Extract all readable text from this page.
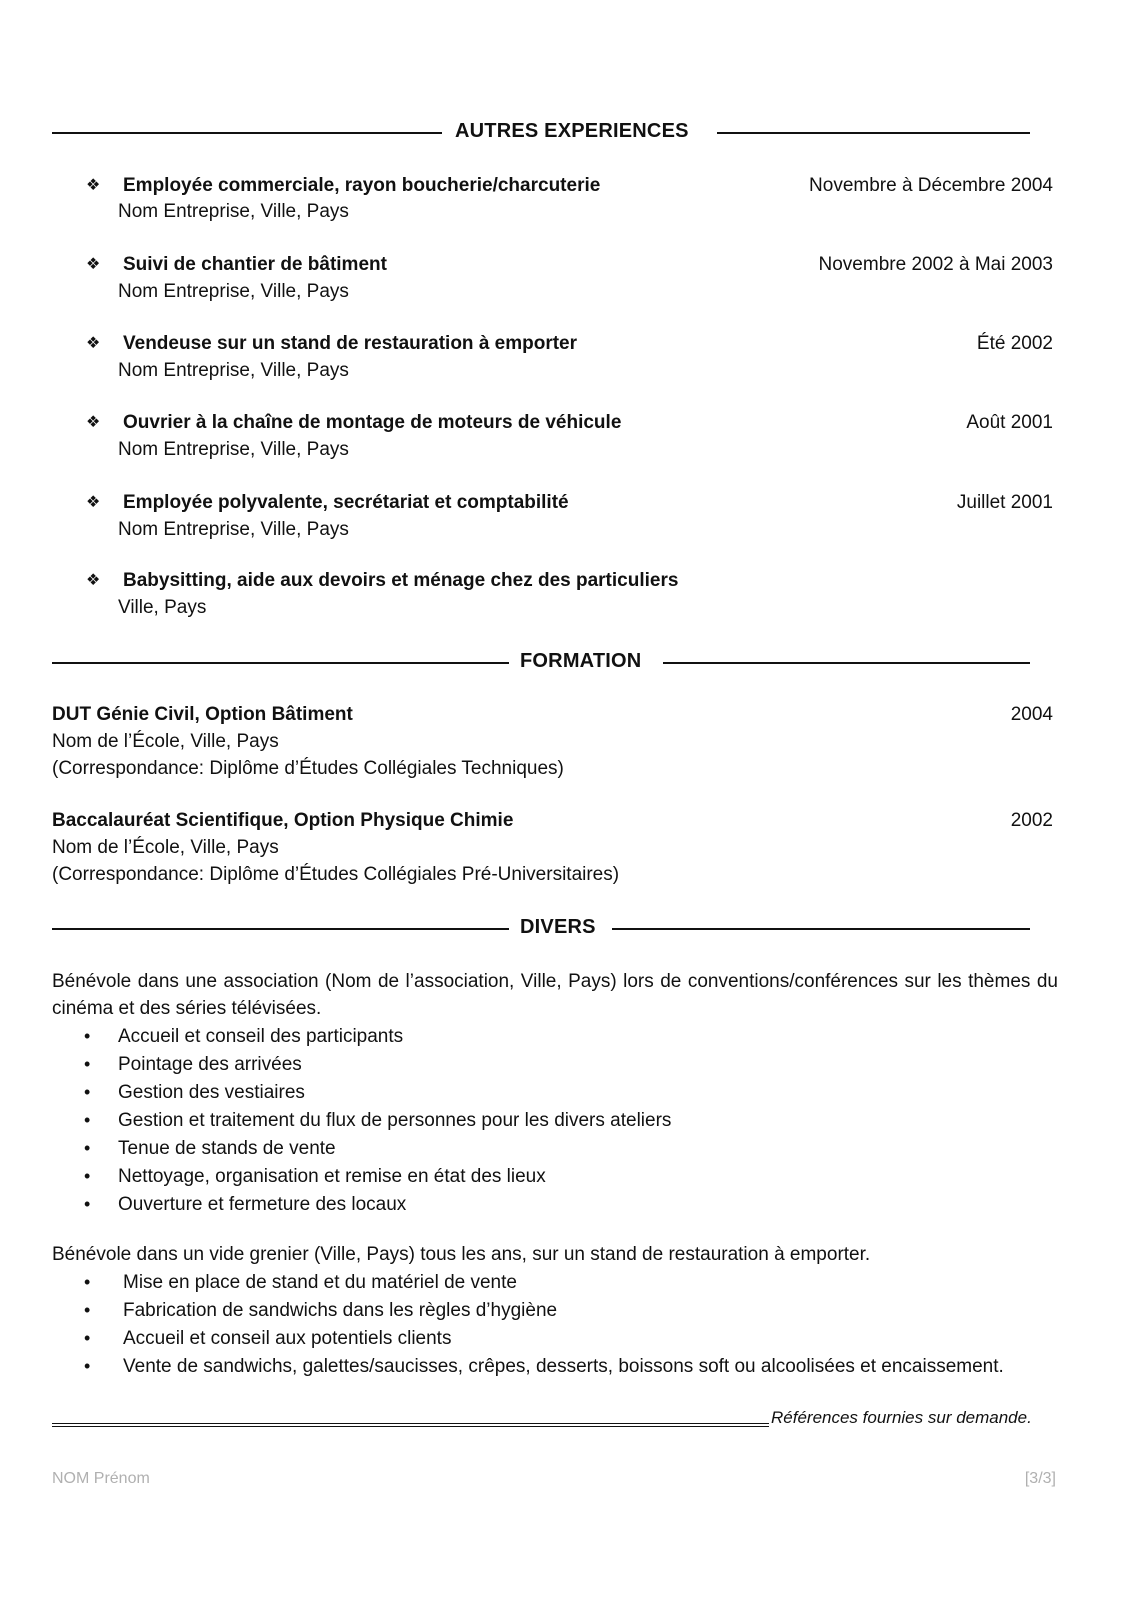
AUTRES EXPERIENCES
❖ Employée commerciale, rayon boucherie/charcuterie	Novembre à Décembre 2004
Nom Entreprise, Ville, Pays
❖ Suivi de chantier de bâtiment	Novembre 2002 à Mai 2003
Nom Entreprise, Ville, Pays
❖ Vendeuse sur un stand de restauration à emporter	Été 2002
Nom Entreprise, Ville, Pays
❖ Ouvrier à la chaîne de montage de moteurs de véhicule	Août 2001
Nom Entreprise, Ville, Pays
❖ Employée polyvalente, secrétariat et comptabilité	Juillet 2001
Nom Entreprise, Ville, Pays
❖ Babysitting, aide aux devoirs et ménage chez des particuliers
Ville, Pays
FORMATION
DUT Génie Civil, Option Bâtiment	2004
Nom de l’École, Ville, Pays
(Correspondance: Diplôme d’Études Collégiales Techniques)
Baccalauréat Scientifique, Option Physique Chimie	2002
Nom de l’École, Ville, Pays
(Correspondance: Diplôme d’Études Collégiales Pré-Universitaires)
DIVERS

Bénévole dans une association (Nom de l’association, Ville, Pays) lors de conventions/conférences sur les thèmes du cinéma et des séries télévisées.

• Accueil et conseil des participants
• Pointage des arrivées
• Gestion des vestiaires
• Gestion et traitement du flux de personnes pour les divers ateliers
• Tenue de stands de vente
• Nettoyage, organisation et remise en état des lieux
• Ouverture et fermeture des locaux

Bénévole dans un vide grenier (Ville, Pays) tous les ans, sur un stand de restauration à emporter.

• Mise en place de stand et du matériel de vente
• Fabrication de sandwichs dans les règles d’hygiène
• Accueil et conseil aux potentiels clients
• Vente de sandwichs, galettes/saucisses, crêpes, desserts, boissons soft ou alcoolisées et encaissement.
Références fournies sur demande.
NOM Prénom	[3/3]
